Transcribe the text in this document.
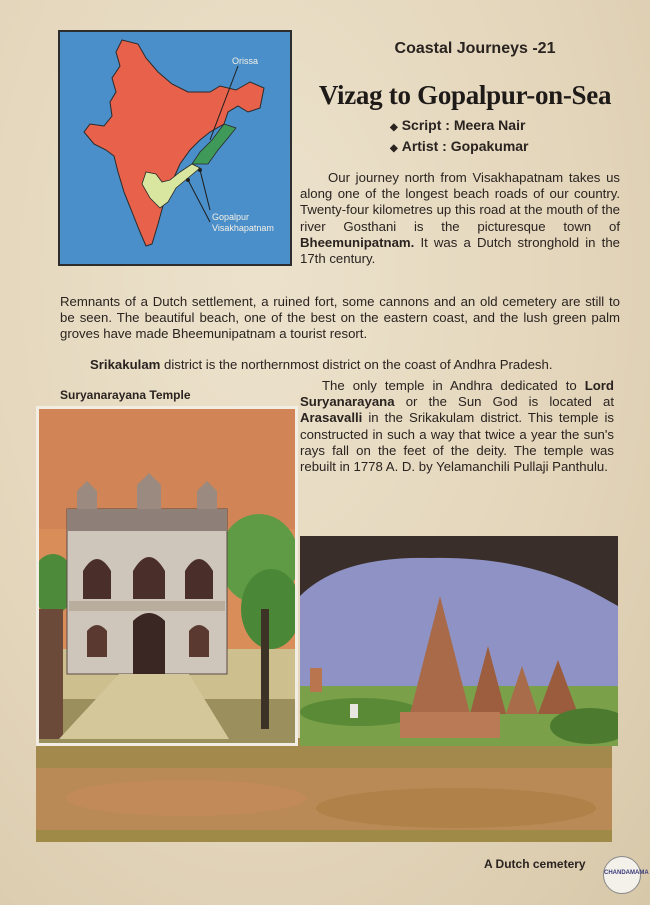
Orissa
Gopalpur
Visakhapatnam
Coastal Journeys -21
Vizag to Gopalpur-on-Sea
◆ Script : Meera Nair
◆ Artist : Gopakumar

Our journey north from Visakhapatnam takes us along one of the longest beach roads of our country. Twenty-four kilometres up this road at the mouth of the river Gosthani is the picturesque town of Bheemunipatnam. It was a Dutch stronghold in the 17th century.

Remnants of a Dutch settlement, a ruined fort, some cannons and an old cemetery are still to be seen. The beautiful beach, one of the best on the eastern coast, and the lush green palm groves have made Bheemunipatnam a tourist resort.

Srikakulam district is the northernmost district on the coast of Andhra Pradesh.

Suryanarayana Temple

The only temple in Andhra dedicated to Lord Suryanarayana or the Sun God is located at Arasavalli in the Srikakulam district. This temple is constructed in such a way that twice a year the sun's rays fall on the feet of the deity. The temple was rebuilt in 1778 A. D. by Yelamanchili Pullaji Panthulu.

A Dutch cemetery
CHANDAMAMA
